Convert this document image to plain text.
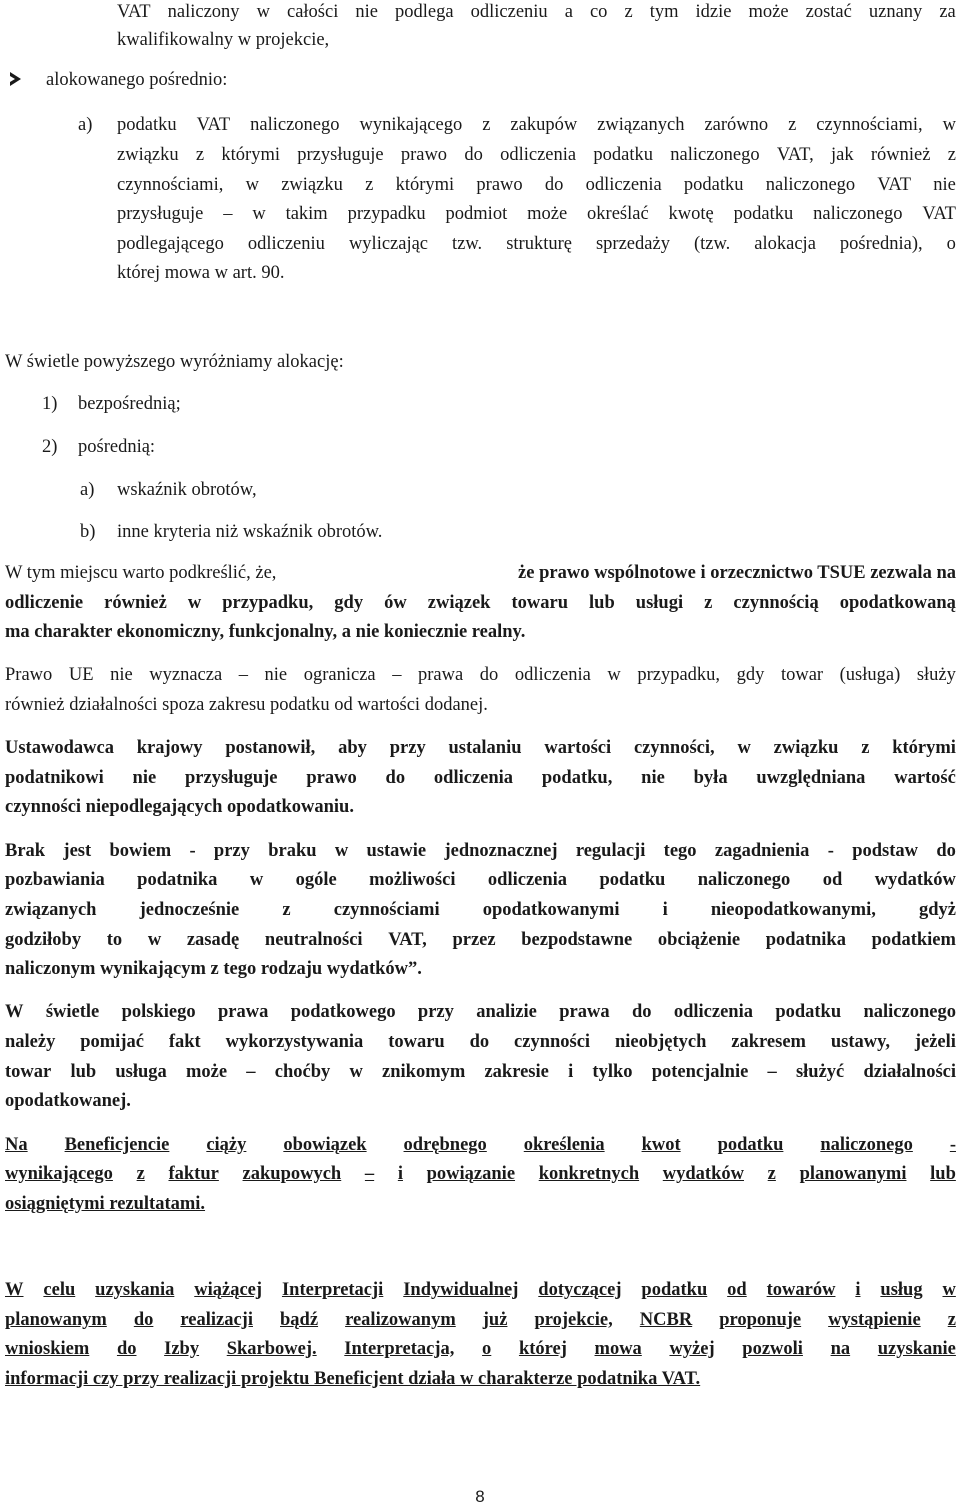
VAT naliczony w całości nie podlega odliczeniu a co z tym idzie może zostać uznany za
kwalifikowalny w projekcie,
alokowanego pośrednio:
a) podatku VAT naliczonego wynikającego z zakupów związanych zarówno z czynnościami, w
związku z którymi przysługuje prawo do odliczenia podatku naliczonego VAT, jak również z
czynnościami, w związku z którymi prawo do odliczenia podatku naliczonego VAT nie
przysługuje – w takim przypadku podmiot może określać kwotę podatku naliczonego VAT
podlegającego odliczeniu wyliczając tzw. strukturę sprzedaży (tzw. alokacja pośrednia), o
której mowa w art. 90.
W świetle powyższego wyróżniamy alokację:
1) bezpośrednią;
2) pośrednią:
a) wskaźnik obrotów,
b) inne kryteria niż wskaźnik obrotów.
W tym miejscu warto podkreślić, że,	że prawo wspólnotowe i orzecznictwo TSUE zezwala na
odliczenie również w przypadku, gdy ów związek towaru lub usługi z czynnością opodatkowaną
ma charakter ekonomiczny, funkcjonalny, a nie koniecznie realny.
Prawo UE nie wyznacza – nie ogranicza – prawa do odliczenia w przypadku, gdy towar (usługa) służy
również działalności spoza zakresu podatku od wartości dodanej.
Ustawodawca krajowy postanowił, aby przy ustalaniu wartości czynności, w związku z którymi
podatnikowi nie przysługuje prawo do odliczenia podatku, nie była uwzględniana wartość
czynności niepodlegających opodatkowaniu.
Brak jest bowiem - przy braku w ustawie jednoznacznej regulacji tego zagadnienia - podstaw do
pozbawiania podatnika w ogóle możliwości odliczenia podatku naliczonego od wydatków
związanych jednocześnie z czynnościami opodatkowanymi i nieopodatkowanymi, gdyż
godziłoby to w zasadę neutralności VAT, przez bezpodstawne obciążenie podatnika podatkiem
naliczonym wynikającym z tego rodzaju wydatków”.
W świetle polskiego prawa podatkowego przy analizie prawa do odliczenia podatku naliczonego
należy pomijać fakt wykorzystywania towaru do czynności nieobjętych zakresem ustawy, jeżeli
towar lub usługa może – choćby w znikomym zakresie i tylko potencjalnie – służyć działalności
opodatkowanej.
Na Beneficjencie ciąży obowiązek odrębnego określenia kwot podatku naliczonego -
wynikającego z faktur zakupowych – i powiązanie konkretnych wydatków z planowanymi lub
osiągniętymi rezultatami.
W celu uzyskania wiążącej Interpretacji Indywidualnej dotyczącej podatku od towarów i usług w
planowanym do realizacji bądź realizowanym już projekcie, NCBR proponuje wystąpienie z
wnioskiem do Izby Skarbowej. Interpretacja, o której mowa wyżej pozwoli na uzyskanie
informacji czy przy realizacji projektu Beneficjent działa w charakterze podatnika VAT.
8
